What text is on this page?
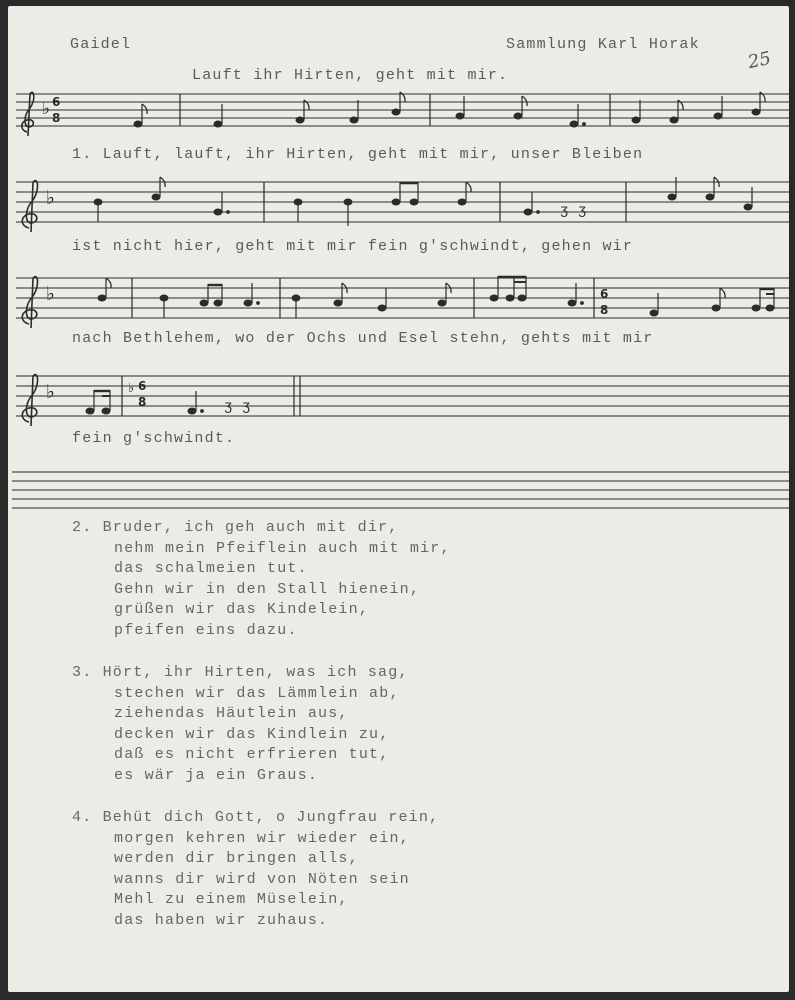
Gaidel	Sammlung Karl Horak
25
Lauft ihr Hirten, geht mit mir.
♭ 6
8
1. Lauft, lauft, ihr Hirten, geht mit mir, unser Bleiben
♭
ʒ ʒ
ist nicht hier, geht mit mir fein g'schwindt, gehen wir
♭	6
8
nach Bethlehem, wo der Ochs und Esel stehn, gehts mit mir
♭	♭ 6
8	ʒ ʒ
fein g'schwindt.
2. Bruder, ich geh auch mit dir,
nehm mein Pfeiflein auch mit mir,
das schalmeien tut.
Gehn wir in den Stall hienein,
grüßen wir das Kindelein,
pfeifen eins dazu.
3. Hört, ihr Hirten, was ich sag,
stechen wir das Lämmlein ab,
ziehendas Häutlein aus,
decken wir das Kindlein zu,
daß es nicht erfrieren tut,
es wär ja ein Graus.
4. Behüt dich Gott, o Jungfrau rein,
morgen kehren wir wieder ein,
werden dir bringen alls,
wanns dir wird von Nöten sein
Mehl zu einem Müselein,
das haben wir zuhaus.
